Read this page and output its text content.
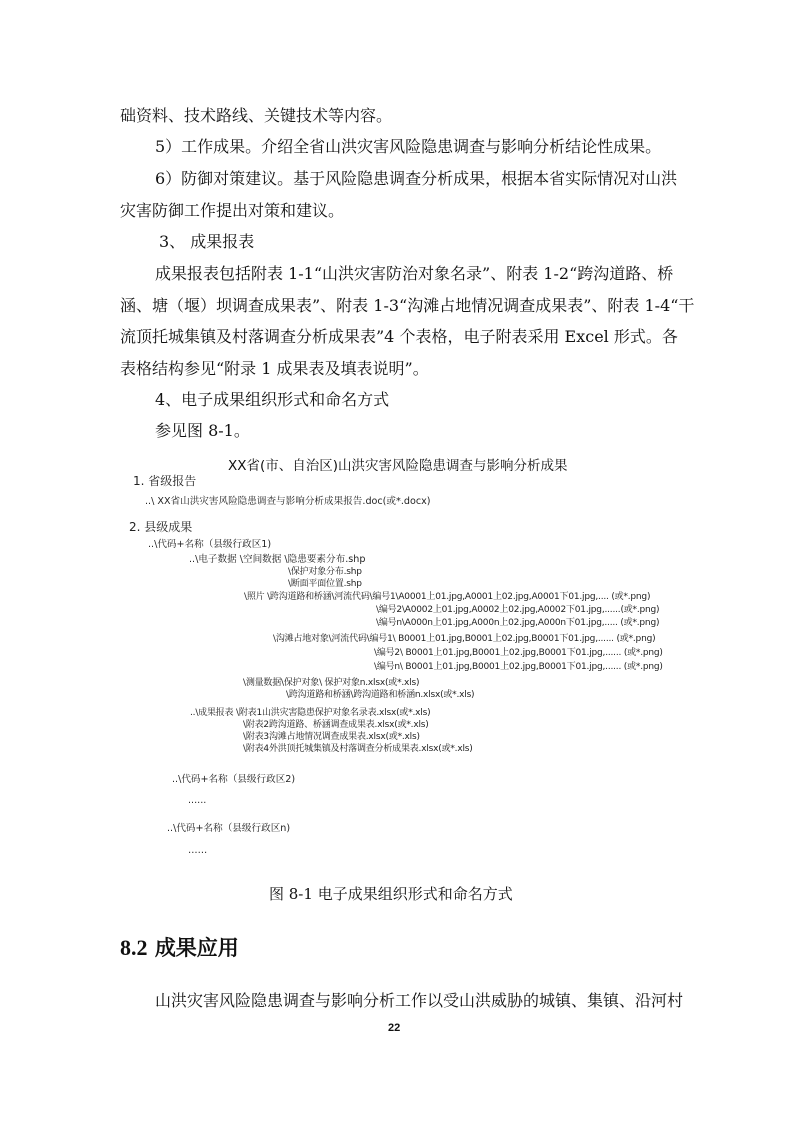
础资料、技术路线、关键技术等内容。
5）工作成果。介绍全省山洪灾害风险隐患调查与影响分析结论性成果。
6）防御对策建议。基于风险隐患调查分析成果，根据本省实际情况对山洪
灾害防御工作提出对策和建议。
3、 成果报表
成果报表包括附表 1-1“山洪灾害防治对象名录”、附表 1-2“跨沟道路、桥
涵、塘（堰）坝调查成果表”、附表 1-3“沟滩占地情况调查成果表”、附表 1-4“干
流顶托城集镇及村落调查分析成果表”4 个表格，电子附表采用 Excel 形式。各
表格结构参见“附录 1 成果表及填表说明”。
4、电子成果组织形式和命名方式
参见图 8-1。
XX省(市、自治区)山洪灾害风险隐患调查与影响分析成果
1. 省级报告
..\ XX省山洪灾害风险隐患调查与影响分析成果报告.doc(或*.docx)
2. 县级成果
..\代码+名称（县级行政区1)
..\电子数据 \空间数据 \隐患要素分布.shp
\保护对象分布.shp
\断面平面位置.shp
\照片 \跨沟道路和桥涵\河流代码\编号1\A0001上01.jpg,A0001上02.jpg,A0001下01.jpg,.... (或*.png)
\编号2\A0002上01.jpg,A0002上02.jpg,A0002下01.jpg,......(或*.png)
\编号n\A000n上01.jpg,A000n上02.jpg,A000n下01.jpg,..... (或*.png)
\沟滩占地对象\河流代码\编号1\ B0001上01.jpg,B0001上02.jpg,B0001下01.jpg,...... (或*.png)
\编号2\ B0001上01.jpg,B0001上02.jpg,B0001下01.jpg,...... (或*.png)
\编号n\ B0001上01.jpg,B0001上02.jpg,B0001下01.jpg,...... (或*.png)
\测量数据\保护对象\ 保护对象n.xlsx(或*.xls)
\跨沟道路和桥涵\跨沟道路和桥涵n.xlsx(或*.xls)
..\成果报表 \附表1山洪灾害隐患保护对象名录表.xlsx(或*.xls)
\附表2跨沟道路、桥涵调查成果表.xlsx(或*.xls)
\附表3沟滩占地情况调查成果表.xlsx(或*.xls)
\附表4外洪顶托城集镇及村落调查分析成果表.xlsx(或*.xls)
..\代码+名称（县级行政区2)
......
..\代码+名称（县级行政区n)
……
图 8-1 电子成果组织形式和命名方式
8.2 成果应用
山洪灾害风险隐患调查与影响分析工作以受山洪威胁的城镇、集镇、沿河村
22
